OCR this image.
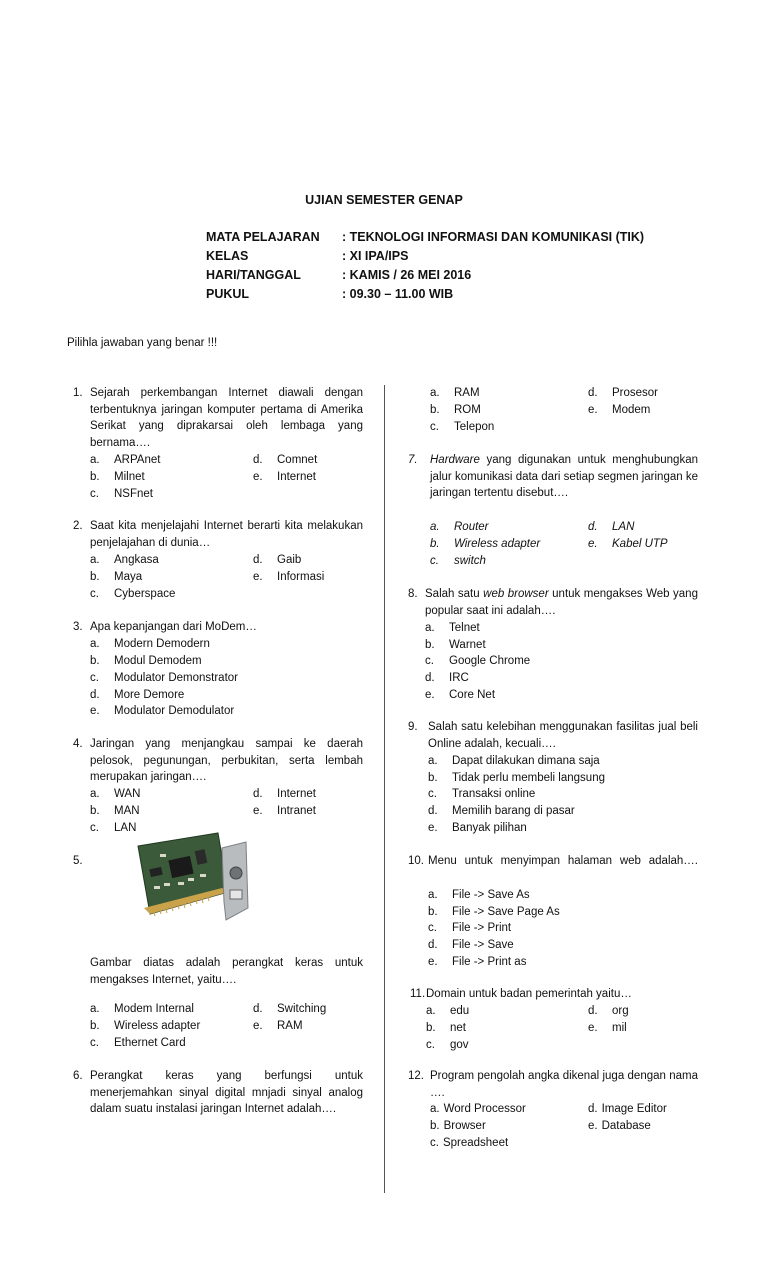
UJIAN SEMESTER GENAP
MATA PELAJARAN : TEKNOLOGI INFORMASI DAN KOMUNIKASI (TIK)
KELAS	: XI IPA/IPS
HARI/TANGGAL	: KAMIS / 26 MEI 2016
PUKUL	: 09.30 – 11.00 WIB
Pilihla jawaban yang benar !!!
1. Sejarah perkembangan Internet diawali dengan terbentuknya jaringan komputer pertama di Amerika Serikat yang diprakarsai oleh lembaga yang bernama….
a. ARPAnet
b. Milnet
c. NSFnet
d. Comnet
e. Internet
2. Saat kita menjelajahi Internet berarti kita melakukan penjelajahan di dunia…
a. Angkasa
b. Maya
c. Cyberspace
d. Gaib
e. Informasi
3. Apa kepanjangan dari MoDem…
a. Modern Demodern
b. Modul Demodem
c. Modulator Demonstrator
d. More Demore
e. Modulator Demodulator
4. Jaringan yang menjangkau sampai ke daerah pelosok, pegunungan, perbukitan, serta lembah merupakan jaringan….
a. WAN
b. MAN
c. LAN
d. Internet
e. Intranet
5.
Gambar diatas adalah perangkat keras untuk mengakses Internet, yaitu….
a. Modem Internal
b. Wireless adapter
c. Ethernet Card
d. Switching
e. RAM
6. Perangkat keras yang berfungsi untuk menerjemahkan sinyal digital mnjadi sinyal analog dalam suatu instalasi jaringan Internet adalah….
a. RAM
b. ROM
c. Telepon
d. Prosesor
e. Modem
7. Hardware yang digunakan untuk menghubungkan jalur komunikasi data dari setiap segmen jaringan ke jaringan tertentu disebut….
a. Router
b. Wireless adapter
c. switch
d. LAN
e. Kabel UTP
8. Salah satu web browser untuk mengakses Web yang popular saat ini adalah….
a. Telnet
b. Warnet
c. Google Chrome
d. IRC
e. Core Net
9. Salah satu kelebihan menggunakan fasilitas jual beli Online adalah, kecuali….
a. Dapat dilakukan dimana saja
b. Tidak perlu membeli langsung
c. Transaksi online
d. Memilih barang di pasar
e. Banyak pilihan
10. Menu untuk menyimpan halaman web adalah….
a. File -> Save As
b. File -> Save Page As
c. File -> Print
d. File -> Save
e. File -> Print as
11. Domain untuk badan pemerintah yaitu…
a. edu
b. net
c. gov
d. org
e. mil
12. Program pengolah angka dikenal juga dengan nama ….
a. Word Processor
b. Browser
c. Spreadsheet
d. Image Editor
e. Database
